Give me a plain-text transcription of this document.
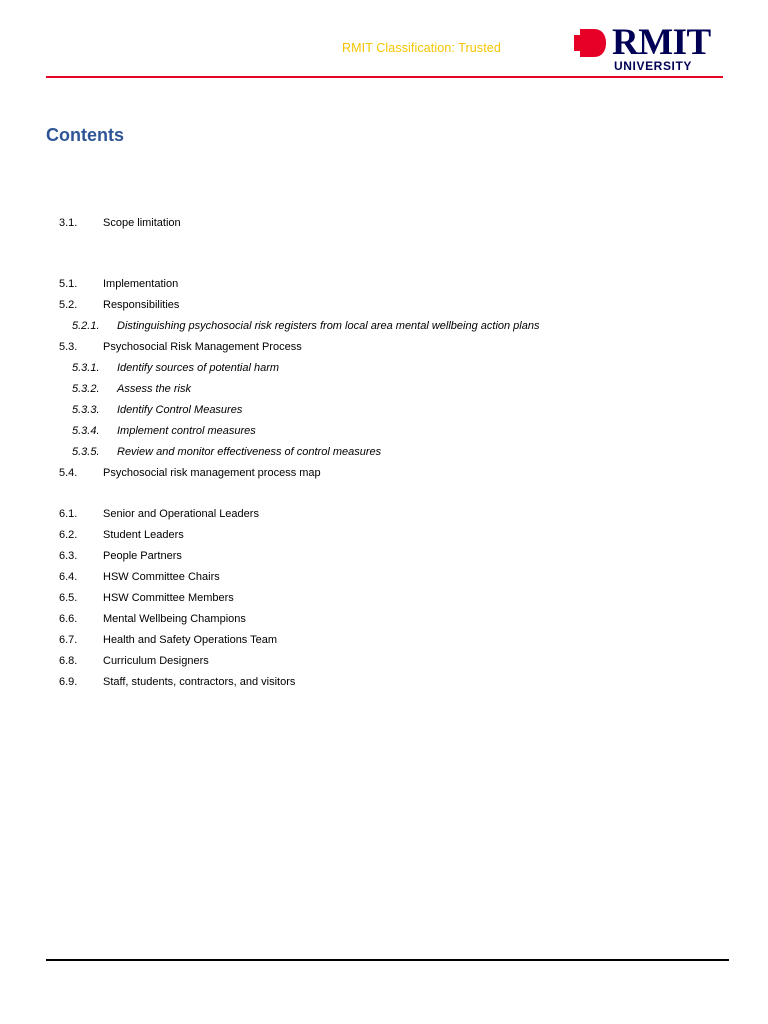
RMIT Classification: Trusted	RMIT
UNIVERSITY
Contents
3.1. Scope limitation
5.1. Implementation
5.2. Responsibilities
5.2.1. Distinguishing psychosocial risk registers from local area mental wellbeing action plans
5.3. Psychosocial Risk Management Process
5.3.1. Identify sources of potential harm
5.3.2. Assess the risk
5.3.3. Identify Control Measures
5.3.4. Implement control measures
5.3.5. Review and monitor effectiveness of control measures
5.4. Psychosocial risk management process map
6.1. Senior and Operational Leaders
6.2. Student Leaders
6.3. People Partners
6.4. HSW Committee Chairs
6.5. HSW Committee Members
6.6. Mental Wellbeing Champions
6.7. Health and Safety Operations Team
6.8. Curriculum Designers
6.9. Staff, students, contractors, and visitors
